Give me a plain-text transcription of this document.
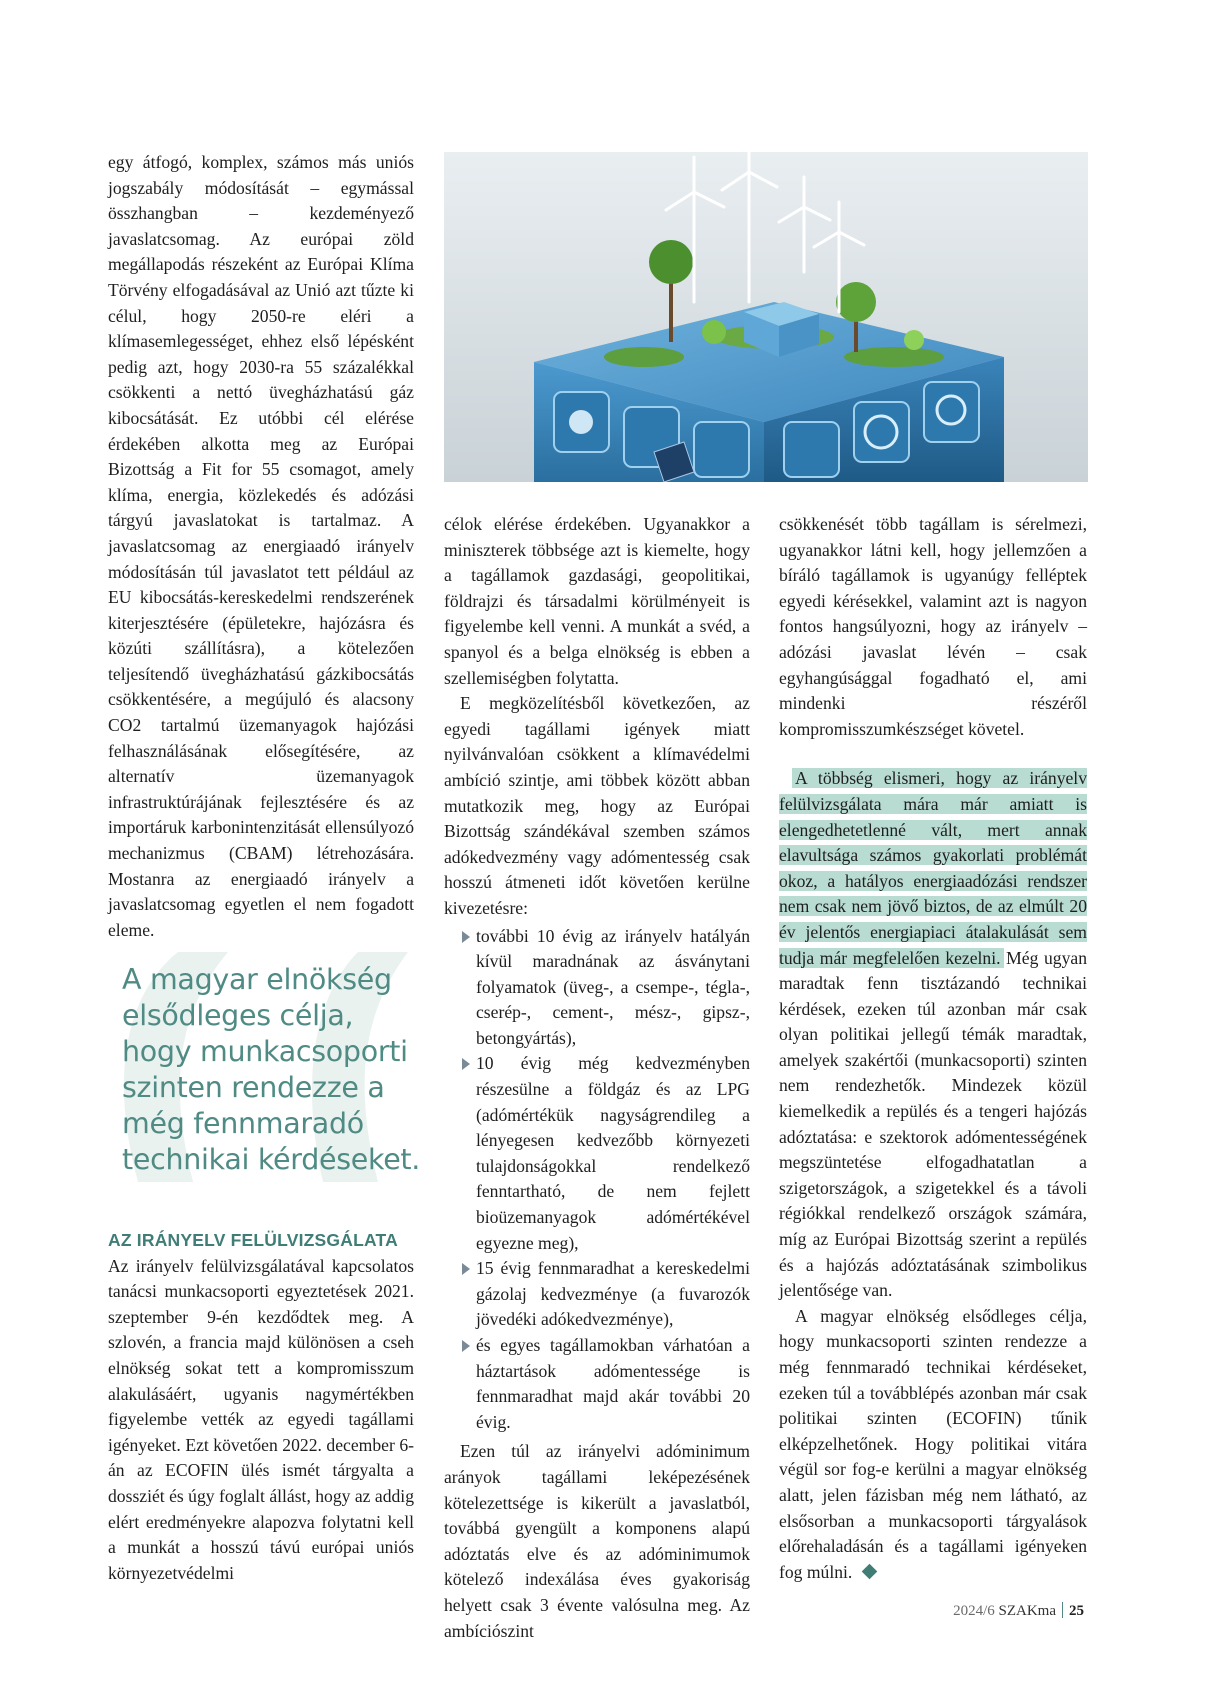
egy átfogó, komplex, számos más uniós jogszabály módosítását – egymással összhangban – kezdeményező javaslatcsomag. Az európai zöld megállapodás részeként az Európai Klíma Törvény elfogadásával az Unió azt tűzte ki célul, hogy 2050-re eléri a klímasemlegességet, ehhez első lépésként pedig azt, hogy 2030-ra 55 százalékkal csökkenti a nettó üvegházhatású gáz kibocsátását. Ez utóbbi cél elérése érdekében alkotta meg az Európai Bizottság a Fit for 55 csomagot, amely klíma, energia, közlekedés és adózási tárgyú javaslatokat is tartalmaz. A javaslatcsomag az energiaadó irányelv módosításán túl javaslatot tett például az EU kibocsátás-kereskedelmi rendszerének kiterjesztésére (épületekre, hajózásra és közúti szállításra), a kötelezően teljesítendő üvegházhatású gázkibocsátás csökkentésére, a megújuló és alacsony CO2 tartalmú üzemanyagok hajózási felhasználásának elősegítésére, az alternatív üzemanyagok infrastruktúrájának fejlesztésére és az importáruk karbonintenzitását ellensúlyozó mechanizmus (CBAM) létrehozására. Mostanra az energiaadó irányelv a javaslatcsomag egyetlen el nem fogadott eleme.

A magyar elnökség elsődleges célja, hogy munkacsoporti szinten rendezze a még fennmaradó technikai kérdéseket.
AZ IRÁNYELV FELÜLVIZSGÁLATA

Az irányelv felülvizsgálatával kapcsolatos tanácsi munkacsoporti egyeztetések 2021. szeptember 9-én kezdődtek meg. A szlovén, a francia majd különösen a cseh elnökség sokat tett a kompromisszum alakulásáért, ugyanis nagymértékben figyelembe vették az egyedi tagállami igényeket. Ezt követően 2022. december 6-án az ECOFIN ülés ismét tárgyalta a dossziét és úgy foglalt állást, hogy az addig elért eredményekre alapozva folytatni kell a munkát a hosszú távú európai uniós környezetvédelmi

célok elérése érdekében. Ugyanakkor a miniszterek többsége azt is kiemelte, hogy a tagállamok gazdasági, geopolitikai, földrajzi és társadalmi körülményeit is figyelembe kell venni. A munkát a svéd, a spanyol és a belga elnökség is ebben a szellemiségben folytatta.

E megközelítésből következően, az egyedi tagállami igények miatt nyilvánvalóan csökkent a klímavédelmi ambíció szintje, ami többek között abban mutatkozik meg, hogy az Európai Bizottság szándékával szemben számos adókedvezmény vagy adómentesség csak hosszú átmeneti időt követően kerülne kivezetésre:

további 10 évig az irányelv hatályán kívül maradnának az ásványtani folyamatok (üveg-, a csempe-, tégla-, cserép-, cement-, mész-, gipsz-, betongyártás),
10 évig még kedvezményben részesülne a földgáz és az LPG (adómértékük nagyságrendileg a lényegesen kedvezőbb környezeti tulajdonságokkal rendelkező fenntartható, de nem fejlett bioüzemanyagok adómértékével egyezne meg),
15 évig fennmaradhat a kereskedelmi gázolaj kedvezménye (a fuvarozók jövedéki adókedvezménye),
és egyes tagállamokban várhatóan a háztartások adómentessége is fennmaradhat majd akár további 20 évig.

Ezen túl az irányelvi adóminimum arányok tagállami leképezésének kötelezettsége is kikerült a javaslatból, továbbá gyengült a komponens alapú adóztatás elve és az adóminimumok kötelező indexálása éves gyakoriság helyett csak 3 évente valósulna meg. Az ambíciószint

csökkenését több tagállam is sérelmezi, ugyanakkor látni kell, hogy jellemzően a bíráló tagállamok is ugyanúgy felléptek egyedi kérésekkel, valamint azt is nagyon fontos hangsúlyozni, hogy az irányelv – adózási javaslat lévén – csak egyhangúsággal fogadható el, ami mindenki részéről kompromisszumkészséget követel.

A többség elismeri, hogy az irányelv felülvizsgálata mára már amiatt is elengedhetetlenné vált, mert annak elavultsága számos gyakorlati problémát okoz, a hatályos energiaadózási rendszer nem csak nem jövő biztos, de az elmúlt 20 év jelentős energiapiaci átalakulását sem tudja már megfelelően kezelni. Még ugyan maradtak fenn tisztázandó technikai kérdések, ezeken túl azonban már csak olyan politikai jellegű témák maradtak, amelyek szakértői (munkacsoporti) szinten nem rendezhetők. Mindezek közül kiemelkedik a repülés és a tengeri hajózás adóztatása: e szektorok adómentességének megszüntetése elfogadhatatlan a szigetországok, a szigetekkel és a távoli régiókkal rendelkező országok számára, míg az Európai Bizottság szerint a repülés és a hajózás adóztatásának szimbolikus jelentősége van.

A magyar elnökség elsődleges célja, hogy munkacsoporti szinten rendezze a még fennmaradó technikai kérdéseket, ezeken túl a továbblépés azonban már csak politikai szinten (ECOFIN) tűnik elképzelhetőnek. Hogy politikai vitára végül sor fog-e kerülni a magyar elnökség alatt, jelen fázisban még nem látható, az elsősorban a munkacsoporti tárgyalások előrehaladásán és a tagállami igényeken fog múlni.

2024/6 SZAKma 25
